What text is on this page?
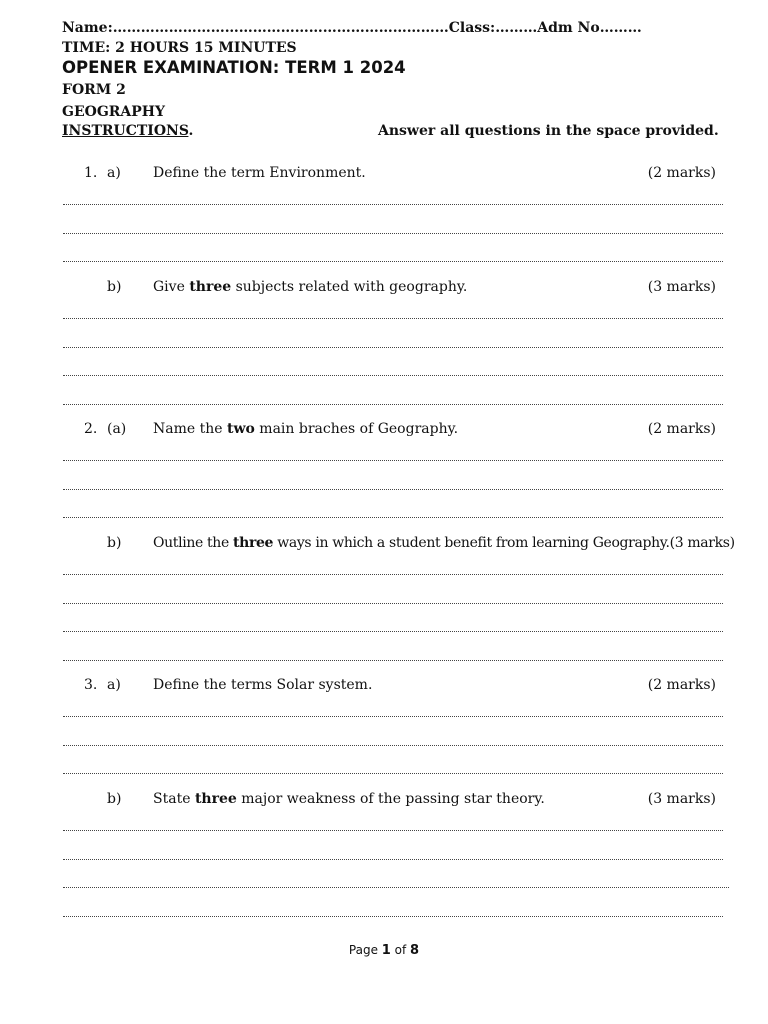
Name:………………………………………………………………Class:………Adm No………
TIME: 2 HOURS 15 MINUTES
OPENER EXAMINATION: TERM 1 2024
FORM 2
GEOGRAPHY
INSTRUCTIONS.	Answer all questions in the space provided.
1. a)	Define the term Environment.	(2 marks)
b)	Give three subjects related with geography.	(3 marks)
2. (a)	Name the two main braches of Geography.	(2 marks)
b)	Outline the three ways in which a student benefit from learning Geography.(3 marks)
3. a)	Define the terms Solar system.	(2 marks)
b)	State three major weakness of the passing star theory.	(3 marks)
Page 1 of 8
